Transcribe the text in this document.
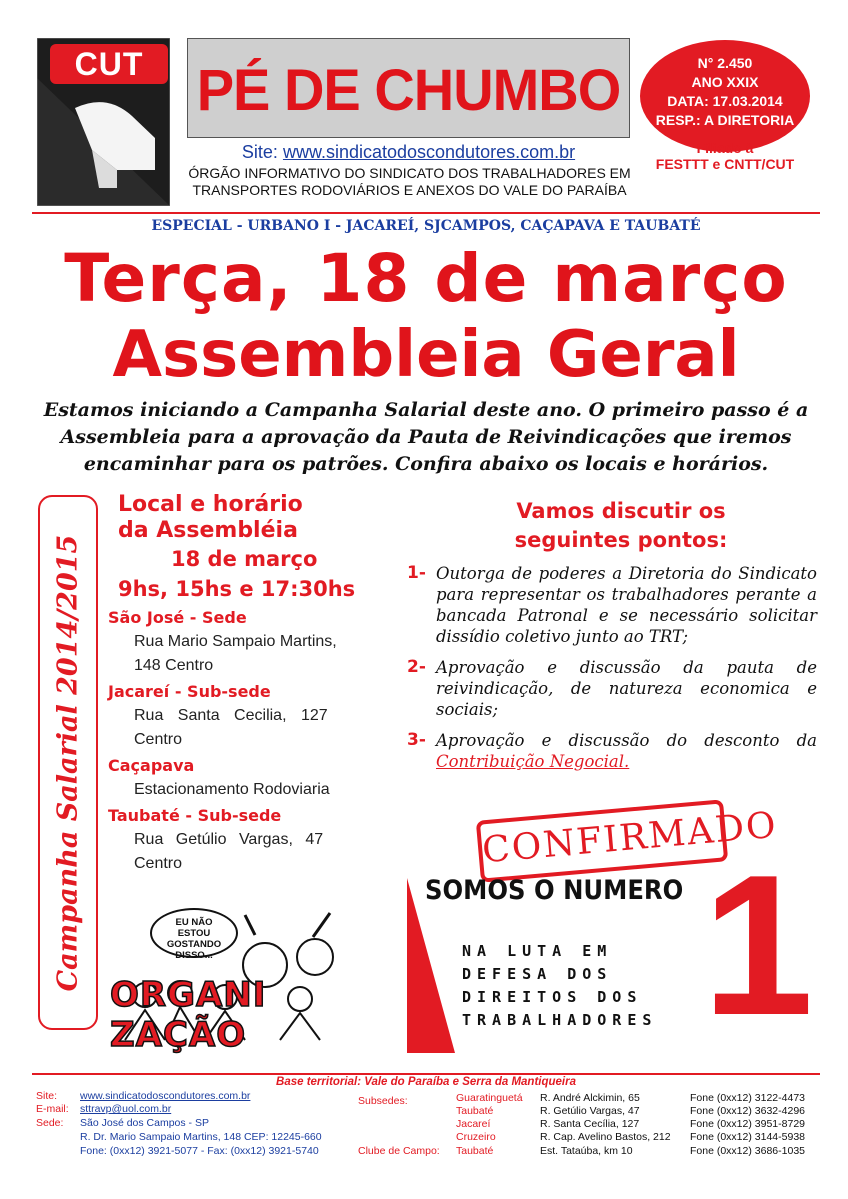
CUT PÉ DE CHUMBO
Site: www.sindicatodoscondutores.com.br
ÓRGÃO INFORMATIVO DO SINDICATO DOS TRABALHADORES EM
TRANSPORTES RODOVIÁRIOS E ANEXOS DO VALE DO PARAÍBA
N° 2.450
ANO XXIX
DATA: 17.03.2014
RESP.: A DIRETORIA
Filiado à
FESTTT e CNTT/CUT
ESPECIAL - URBANO I - JACAREÍ, SJCAMPOS, CAÇAPAVA E TAUBATÉ
Terça, 18 de março
Assembleia Geral
Estamos iniciando a Campanha Salarial deste ano. O primeiro passo é a
Assembleia para a aprovação da Pauta de Reivindicações que iremos
encaminhar para os patrões. Confira abaixo os locais e horários.
Campanha Salarial 2014/2015
Local e horário
da Assembléia
18 de março
9hs, 15hs e 17:30hs
São José - Sede
Rua Mario Sampaio Martins,
148 Centro
Jacareí - Sub-sede
Rua Santa Cecilia, 127
Centro
Caçapava
Estacionamento Rodoviaria
Taubaté - Sub-sede
Rua Getúlio Vargas, 47
Centro
Vamos discutir os
seguintes pontos:
1- Outorga de poderes a Diretoria do Sindicato para representar os trabalhadores perante a bancada Patronal e se necessário solicitar dissídio coletivo junto ao TRT;
2- Aprovação e discussão da pauta de reivindicação, de natureza economica e sociais;
3- Aprovação e discussão do desconto da Contribuição Negocial.
CONFIRMADO
SOMOS O NUMERO
NA LUTA EM
DEFESA DOS
DIREITOS DOS
TRABALHADORES 1
EU NÃO
ESTOU GOSTANDO
DISSO...
ORGANI ZAÇÃO
Base territorial: Vale do Paraíba e Serra da Mantiqueira
Site: www.sindicatodoscondutores.com.br
E-mail: sttravp@uol.com.br
Sede: São José dos Campos - SP
R. Dr. Mario Sampaio Martins, 148 CEP: 12245-660
Fone: (0xx12) 3921-5077 - Fax: (0xx12) 3921-5740
Subsedes:
Clube de Campo:
Guaratinguetá
Taubaté
Jacareí
Cruzeiro
Taubaté
R. André Alckimin, 65
R. Getúlio Vargas, 47
R. Santa Cecília, 127
R. Cap. Avelino Bastos, 212
Est. Tataúba, km 10
Fone (0xx12) 3122-4473
Fone (0xx12) 3632-4296
Fone (0xx12) 3951-8729
Fone (0xx12) 3144-5938
Fone (0xx12) 3686-1035
